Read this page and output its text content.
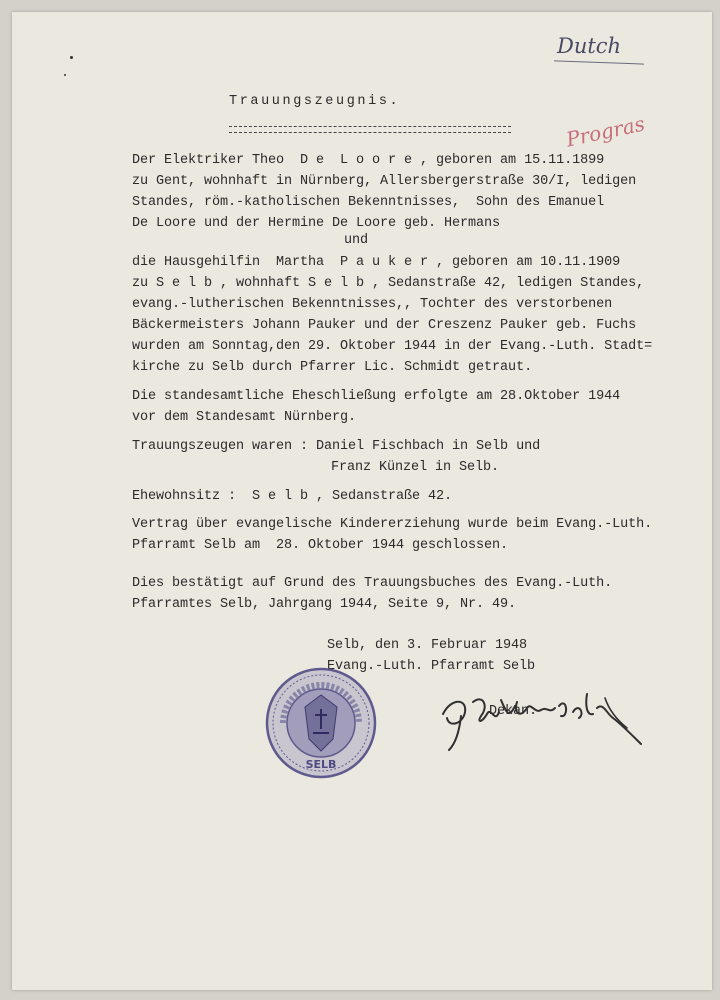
Dutch
Progras
Trauungszeugnis.
Der Elektriker Theo  D e  L o o r e , geboren am 15.11.1899
zu Gent, wohnhaft in Nürnberg, Allersbergerstraße 30/I, ledigen
Standes, röm.-katholischen Bekenntnisses,  Sohn des Emanuel
De Loore und der Hermine De Loore geb. Hermans
und
die Hausgehilfin  Martha  P a u k e r , geboren am 10.11.1909
zu S e l b , wohnhaft S e l b , Sedanstraße 42, ledigen Standes,
evang.-lutherischen Bekenntnisses,, Tochter des verstorbenen
Bäckermeisters Johann Pauker und der Creszenz Pauker geb. Fuchs
wurden am Sonntag,den 29. Oktober 1944 in der Evang.-Luth. Stadt=
kirche zu Selb durch Pfarrer Lic. Schmidt getraut.
Die standesamtliche Eheschließung erfolgte am 28.Oktober 1944
vor dem Standesamt Nürnberg.
Trauungszeugen waren : Daniel Fischbach in Selb und
Franz Künzel in Selb.
Ehewohnsitz :  S e l b , Sedanstraße 42.
Vertrag über evangelische Kindererziehung wurde beim Evang.-Luth.
Pfarramt Selb am  28. Oktober 1944 geschlossen.
Dies bestätigt auf Grund des Trauungsbuches des Evang.-Luth.
Pfarramtes Selb, Jahrgang 1944, Seite 9, Nr. 49.
Selb, den 3. Februar 1948
Evang.-Luth. Pfarramt Selb
Dekan.
SELB
